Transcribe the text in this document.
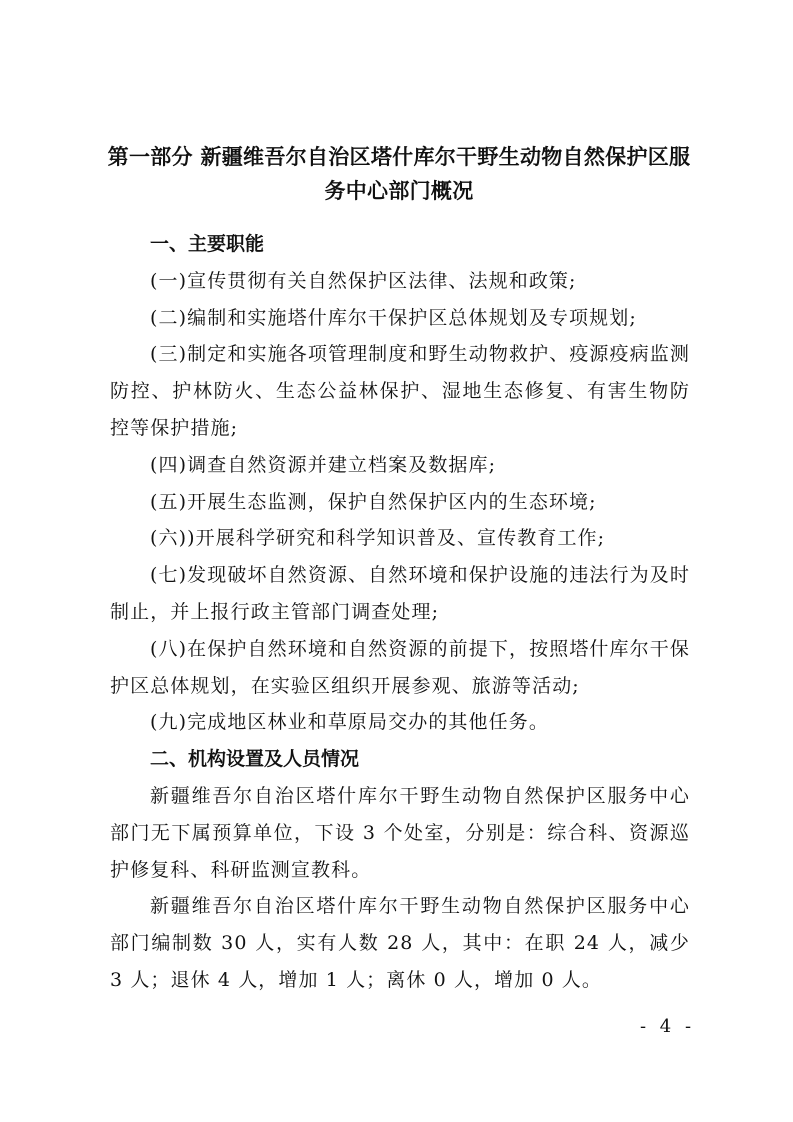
第一部分 新疆维吾尔自治区塔什库尔干野生动物自然保护区服
务中心部门概况
一、主要职能
(一)宣传贯彻有关自然保护区法律、法规和政策;
(二)编制和实施塔什库尔干保护区总体规划及专项规划;
(三)制定和实施各项管理制度和野生动物救护、疫源疫病监测防控、护林防火、生态公益林保护、湿地生态修复、有害生物防控等保护措施;
(四)调查自然资源并建立档案及数据库;
(五)开展生态监测，保护自然保护区内的生态环境;
(六))开展科学研究和科学知识普及、宣传教育工作;
(七)发现破坏自然资源、自然环境和保护设施的违法行为及时制止，并上报行政主管部门调查处理;
(八)在保护自然环境和自然资源的前提下，按照塔什库尔干保护区总体规划，在实验区组织开展参观、旅游等活动;
(九)完成地区林业和草原局交办的其他任务。
二、机构设置及人员情况
新疆维吾尔自治区塔什库尔干野生动物自然保护区服务中心部门无下属预算单位，下设 3 个处室，分别是：综合科、资源巡护修复科、科研监测宣教科。
新疆维吾尔自治区塔什库尔干野生动物自然保护区服务中心部门编制数 30 人，实有人数 28 人，其中：在职 24 人，减少 3 人；退休 4 人，增加 1 人；离休 0 人，增加 0 人。
- 4 -
